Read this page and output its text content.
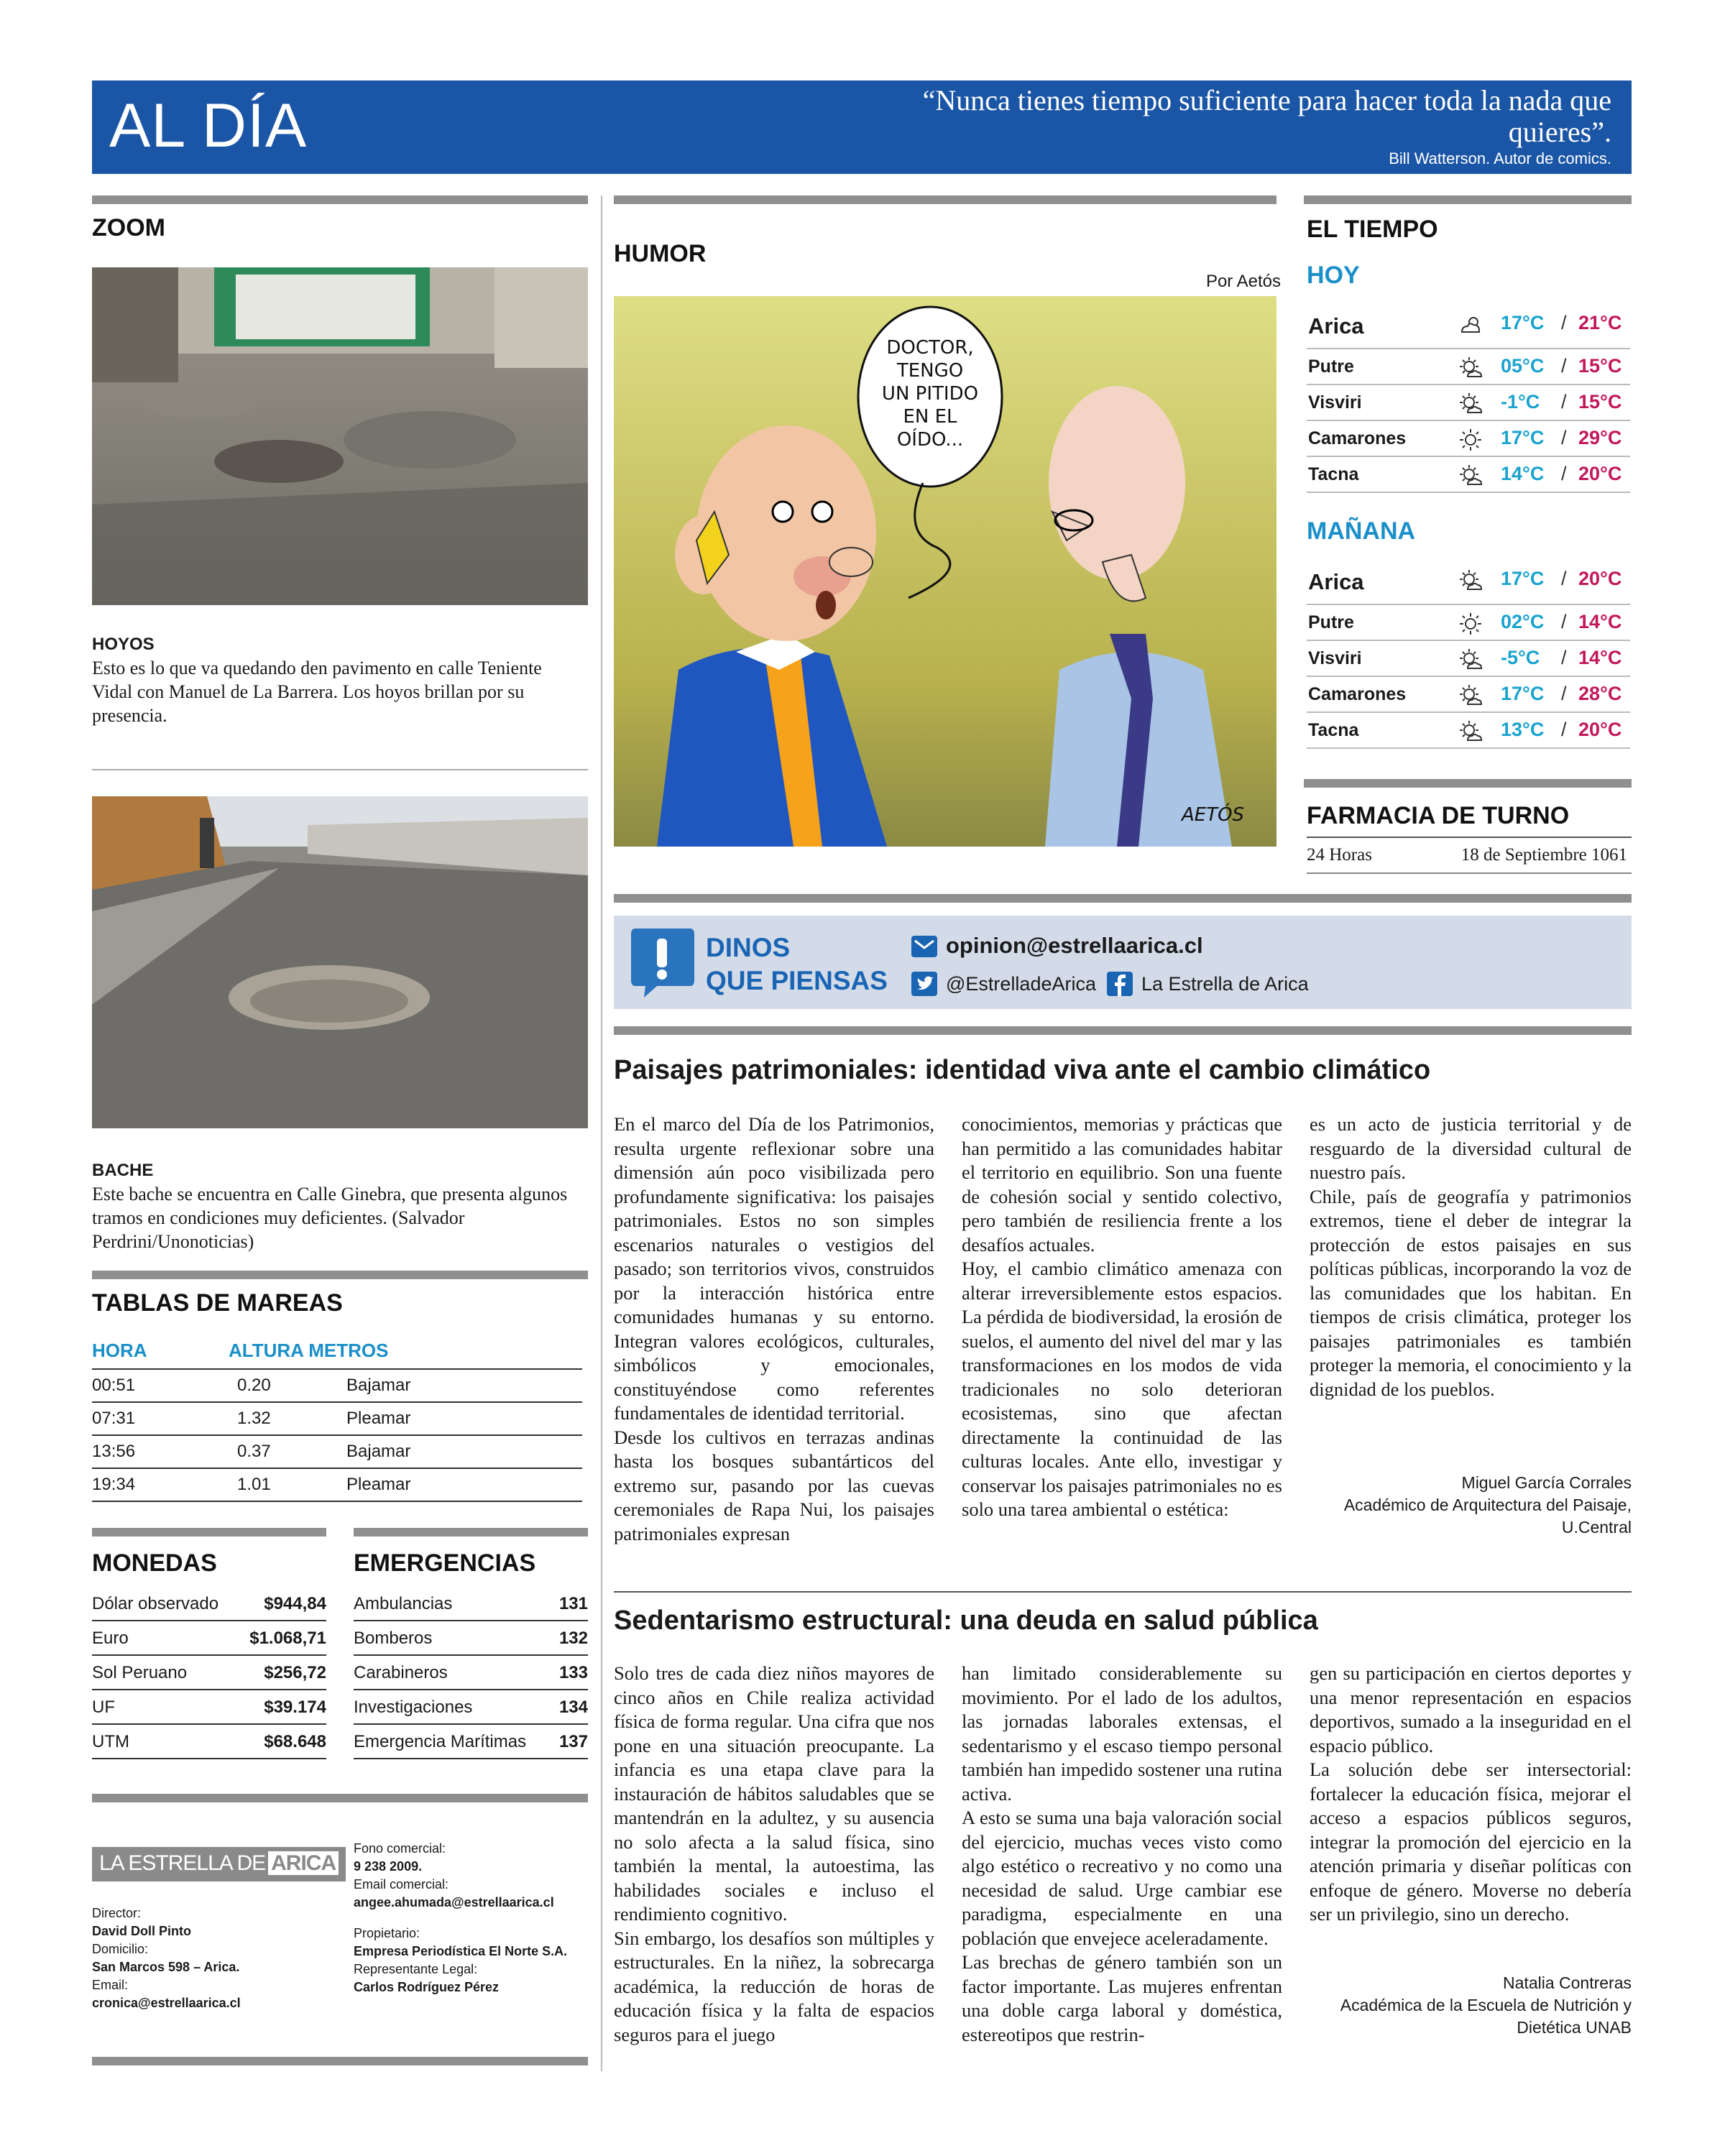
AL DÍA	“Nunca tienes tiempo suficiente para hacer toda la nada que quieres”.
Bill Watterson. Autor de comics.
ZOOM
HOYOS
Esto es lo que va quedando den pavimento en calle Teniente Vidal con Manuel de La Barrera. Los hoyos brillan por su presencia.
BACHE
Este bache se encuentra en Calle Ginebra, que presenta algunos tramos en condiciones muy deficientes. (Salvador Perdrini/Unonoticias)
TABLAS DE MAREAS
HORA	ALTURA METROS
00:51	0.20	Bajamar
07:31	1.32	Pleamar
13:56	0.37	Bajamar
19:34	1.01	Pleamar
MONEDAS
Dólar observado	$944,84
Euro	$1.068,71
Sol Peruano	$256,72
UF	$39.174
UTM	$68.648
EMERGENCIAS
Ambulancias	131
Bomberos	132
Carabineros	133
Investigaciones	134
Emergencia Marítimas 137
LA ESTRELLA DE ARICA
Director:
David Doll Pinto
Domicilio:
San Marcos 598 – Arica.
Email:
cronica@estrellaarica.cl
Fono comercial:
9 238 2009.
Email comercial:
angee.ahumada@estrellaarica.cl
Propietario:
Empresa Periodística El Norte S.A.
Representante Legal:
Carlos Rodríguez Pérez
HUMOR
Por Aetós
DOCTOR,
TENGO
UN PITIDO
EN EL
OÍDO...
AETÓS
EL TIEMPO
HOY
Arica	17°C / 21°C
Putre	05°C / 15°C
Visviri	-1°C / 15°C
Camarones	17°C / 29°C
Tacna	14°C / 20°C
MAÑANA
Arica	17°C / 20°C
Putre	02°C / 14°C
Visviri	-5°C / 14°C
Camarones	17°C / 28°C
Tacna	13°C / 20°C
FARMACIA DE TURNO
24 Horas	18 de Septiembre 1061
DINOS
QUE PIENSAS
opinion@estrellaarica.cl
@EstrelladeArica La Estrella de Arica
Paisajes patrimoniales: identidad viva ante el cambio climático
En el marco del Día de los Patrimonios, resulta urgente reflexionar sobre una dimensión aún poco visibilizada pero profundamente significativa: los paisajes patrimoniales. Estos no son simples escenarios naturales o vestigios del pasado; son territorios vivos, construidos por la interacción histórica entre comunidades humanas y su entorno. Integran valores ecológicos, culturales, simbólicos y emocionales, constituyéndose como referentes fundamentales de identidad territorial.
Desde los cultivos en terrazas andinas hasta los bosques subantárticos del extremo sur, pasando por las cuevas ceremoniales de Rapa Nui, los paisajes patrimoniales expresan
conocimientos, memorias y prácticas que han permitido a las comunidades habitar el territorio en equilibrio. Son una fuente de cohesión social y sentido colectivo, pero también de resiliencia frente a los desafíos actuales.
Hoy, el cambio climático amenaza con alterar irreversiblemente estos espacios. La pérdida de biodiversidad, la erosión de suelos, el aumento del nivel del mar y las transformaciones en los modos de vida tradicionales no solo deterioran ecosistemas, sino que afectan directamente la continuidad de las culturas locales. Ante ello, investigar y conservar los paisajes patrimoniales no es solo una tarea ambiental o estética:
es un acto de justicia territorial y de resguardo de la diversidad cultural de nuestro país.
Chile, país de geografía y patrimonios extremos, tiene el deber de integrar la protección de estos paisajes en sus políticas públicas, incorporando la voz de las comunidades que los habitan. En tiempos de crisis climática, proteger los paisajes patrimoniales es también proteger la memoria, el conocimiento y la dignidad de los pueblos.
Miguel García Corrales
Académico de Arquitectura del Paisaje,
U.Central
Sedentarismo estructural: una deuda en salud pública
Solo tres de cada diez niños mayores de cinco años en Chile realiza actividad física de forma regular. Una cifra que nos pone en una situación preocupante. La infancia es una etapa clave para la instauración de hábitos saludables que se mantendrán en la adultez, y su ausencia no solo afecta a la salud física, sino también la mental, la autoestima, las habilidades sociales e incluso el rendimiento cognitivo.
Sin embargo, los desafíos son múltiples y estructurales. En la niñez, la sobrecarga académica, la reducción de horas de educación física y la falta de espacios seguros para el juego
han limitado considerablemente su movimiento. Por el lado de los adultos, las jornadas laborales extensas, el sedentarismo y el escaso tiempo personal también han impedido sostener una rutina activa.
A esto se suma una baja valoración social del ejercicio, muchas veces visto como algo estético o recreativo y no como una necesidad de salud. Urge cambiar ese paradigma, especialmente en una población que envejece aceleradamente.
Las brechas de género también son un factor importante. Las mujeres enfrentan una doble carga laboral y doméstica, estereotipos que restrin-
gen su participación en ciertos deportes y una menor representación en espacios deportivos, sumado a la inseguridad en el espacio público.
La solución debe ser intersectorial: fortalecer la educación física, mejorar el acceso a espacios públicos seguros, integrar la promoción del ejercicio en la atención primaria y diseñar políticas con enfoque de género. Moverse no debería ser un privilegio, sino un derecho.
Natalia Contreras
Académica de la Escuela de Nutrición y
Dietética UNAB
